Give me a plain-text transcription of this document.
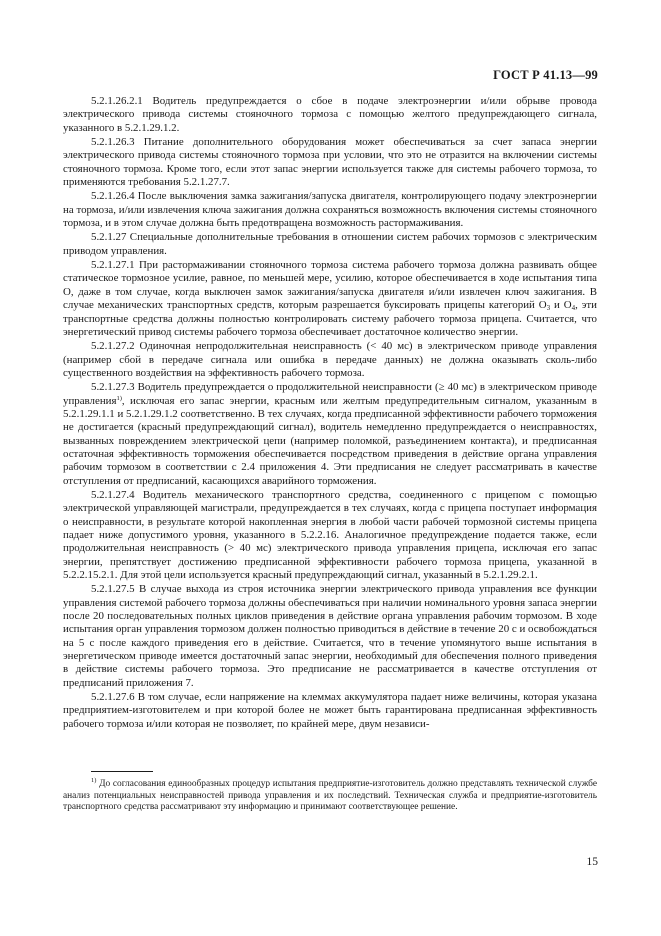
ГОСТ Р 41.13—99

5.2.1.26.2.1 Водитель предупреждается о сбое в подаче электроэнергии и/или обрыве провода электрического привода системы стояночного тормоза с помощью желтого предупреждающего сигнала, указанного в 5.2.1.29.1.2.

5.2.1.26.3 Питание дополнительного оборудования может обеспечиваться за счет запаса энергии электрического привода системы стояночного тормоза при условии, что это не отразится на включении системы стояночного тормоза. Кроме того, если этот запас энергии используется также для системы рабочего тормоза, то применяются требования 5.2.1.27.7.

5.2.1.26.4 После выключения замка зажигания/запуска двигателя, контролирующего подачу электроэнергии на тормоза, и/или извлечения ключа зажигания должна сохраняться возможность включения системы стояночного тормоза, и в этом случае должна быть предотвращена возможность растормаживания.

5.2.1.27 Специальные дополнительные требования в отношении систем рабочих тормозов с электрическим приводом управления.

5.2.1.27.1 При растормаживании стояночного тормоза система рабочего тормоза должна развивать общее статическое тормозное усилие, равное, по меньшей мере, усилию, которое обеспечивается в ходе испытания типа О, даже в том случае, когда выключен замок зажигания/запуска двигателя и/или извлечен ключ зажигания. В случае механических транспортных средств, которым разрешается буксировать прицепы категорий $О_3$ и $О_4$, эти транспортные средства должны полностью контролировать систему рабочего тормоза прицепа. Считается, что энергетический привод системы рабочего тормоза обеспечивает достаточное количество энергии.

5.2.1.27.2 Одиночная непродолжительная неисправность (< 40 мс) в электрическом приводе управления (например сбой в передаче сигнала или ошибка в передаче данных) не должна оказывать сколь-либо существенного воздействия на эффективность рабочего тормоза.

5.2.1.27.3 Водитель предупреждается о продолжительной неисправности (≥ 40 мс) в электрическом приводе управления$^{1)}$, исключая его запас энергии, красным или желтым предупредительным сигналом, указанным в 5.2.1.29.1.1 и 5.2.1.29.1.2 соответственно. В тех случаях, когда предписанной эффективности рабочего торможения не достигается (красный предупреждающий сигнал), водитель немедленно предупреждается о неисправностях, вызванных повреждением электрической цепи (например поломкой, разъединением контакта), и предписанная остаточная эффективность торможения обеспечивается посредством приведения в действие органа управления рабочим тормозом в соответствии с 2.4 приложения 4. Эти предписания не следует рассматривать в качестве отступления от предписаний, касающихся аварийного торможения.

5.2.1.27.4 Водитель механического транспортного средства, соединенного с прицепом с помощью электрической управляющей магистрали, предупреждается в тех случаях, когда с прицепа поступает информация о неисправности, в результате которой накопленная энергия в любой части рабочей тормозной системы прицепа падает ниже допустимого уровня, указанного в 5.2.2.16. Аналогичное предупреждение подается также, если продолжительная неисправность (> 40 мс) электрического привода управления прицепа, исключая его запас энергии, препятствует достижению предписанной эффективности рабочего тормоза прицепа, указанной в 5.2.2.15.2.1. Для этой цели используется красный предупреждающий сигнал, указанный в 5.2.1.29.2.1.

5.2.1.27.5 В случае выхода из строя источника энергии электрического привода управления все функции управления системой рабочего тормоза должны обеспечиваться при наличии номинального уровня запаса энергии после 20 последовательных полных циклов приведения в действие органа управления рабочим тормозом. В ходе испытания орган управления тормозом должен полностью приводиться в действие в течение 20 с и освобождаться на 5 с после каждого приведения его в действие. Считается, что в течение упомянутого выше испытания в энергетическом приводе имеется достаточный запас энергии, необходимый для обеспечения полного приведения в действие системы рабочего тормоза. Это предписание не рассматривается в качестве отступления от предписаний приложения 7.

5.2.1.27.6 В том случае, если напряжение на клеммах аккумулятора падает ниже величины, которая указана предприятием-изготовителем и при которой более не может быть гарантирована предписанная эффективность рабочего тормоза и/или которая не позволяет, по крайней мере, двум независи-

$^{1)}$ До согласования единообразных процедур испытания предприятие-изготовитель должно представлять технической службе анализ потенциальных неисправностей привода управления и их последствий. Техническая служба и предприятие-изготовитель транспортного средства рассматривают эту информацию и принимают соответствующее решение.

15
